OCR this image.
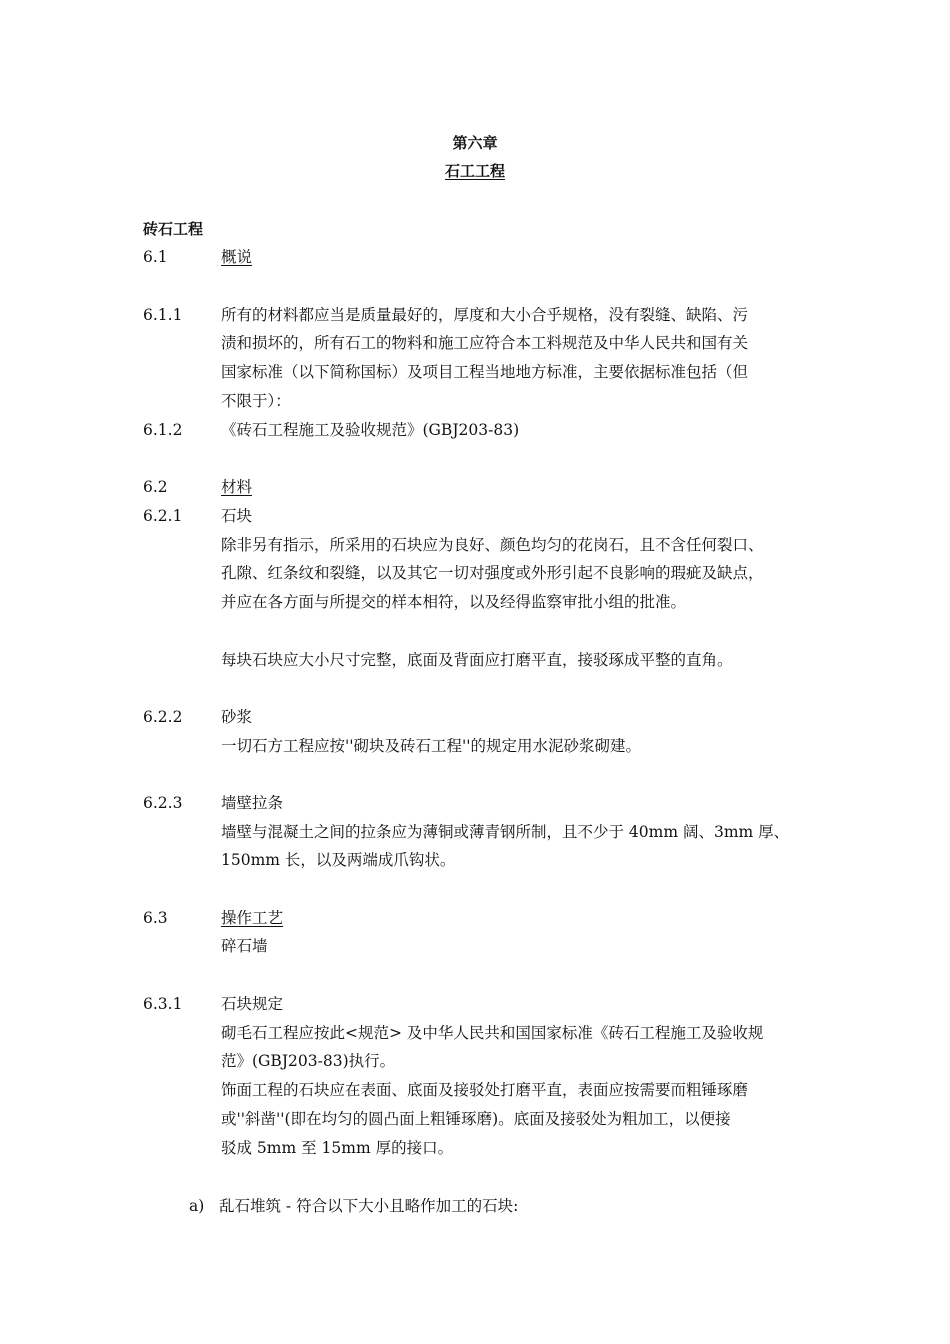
第六章
石工工程
砖石工程
6.1	概说
6.1.1 所有的材料都应当是质量最好的，厚度和大小合乎规格，没有裂缝、缺陷、污
渍和损坏的，所有石工的物料和施工应符合本工料规范及中华人民共和国有关
国家标准（以下简称国标）及项目工程当地地方标准，主要依据标准包括（但
不限于）：
6.1.2 《砖石工程施工及验收规范》(GBJ203-83)
6.2	材料
6.2.1 石块
除非另有指示，所采用的石块应为良好、颜色均匀的花岗石，且不含任何裂口、
孔隙、红条纹和裂缝，以及其它一切对强度或外形引起不良影响的瑕疵及缺点，
并应在各方面与所提交的样本相符，以及经得监察审批小组的批准。
每块石块应大小尺寸完整，底面及背面应打磨平直，接驳琢成平整的直角。
6.2.2 砂浆
一切石方工程应按''砌块及砖石工程''的规定用水泥砂浆砌建。
6.2.3 墙壁拉条
墙壁与混凝土之间的拉条应为薄铜或薄青钢所制，且不少于 40mm 阔、3mm 厚、
150mm 长，以及两端成爪钩状。
6.3	操作工艺
碎石墙
6.3.1 石块规定
砌毛石工程应按此<规范> 及中华人民共和国国家标准《砖石工程施工及验收规
范》(GBJ203-83)执行。
饰面工程的石块应在表面、底面及接驳处打磨平直，表面应按需要而粗锤琢磨
或''斜凿''(即在均匀的圆凸面上粗锤琢磨)。底面及接驳处为粗加工，以便接
驳成 5mm 至 15mm 厚的接口。
a) 乱石堆筑 - 符合以下大小且略作加工的石块:
